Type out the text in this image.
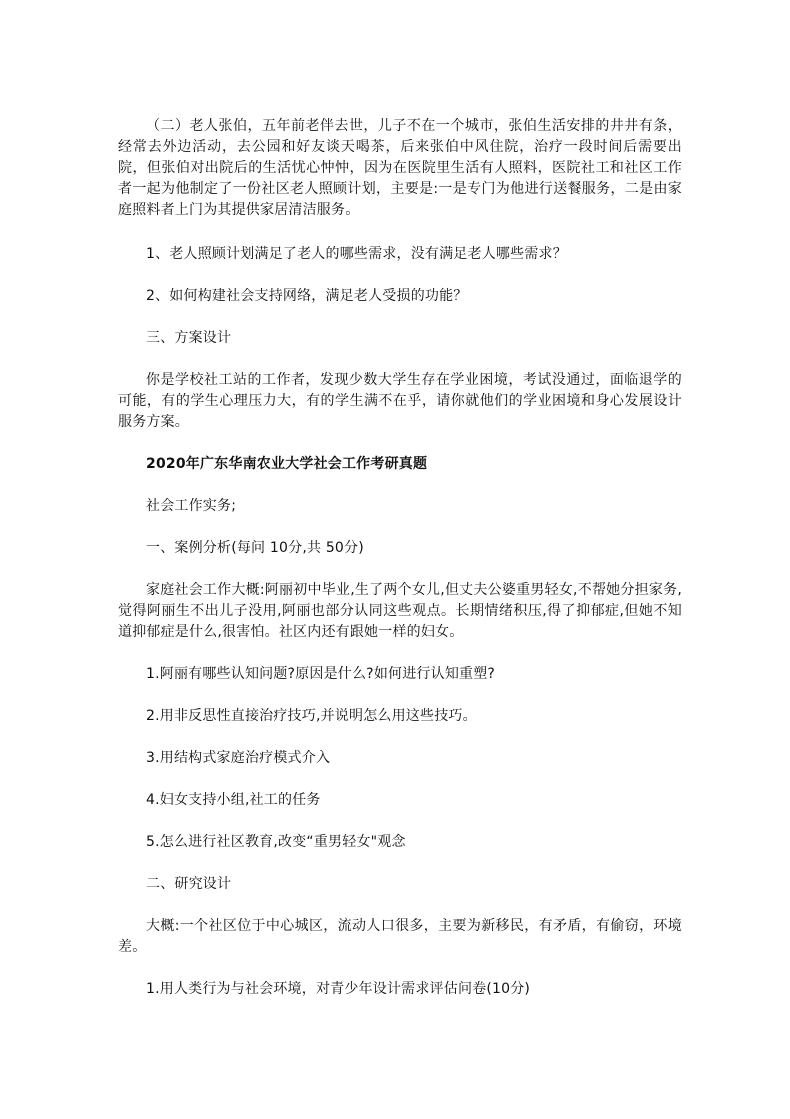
（二）老人张伯，五年前老伴去世，儿子不在一个城市，张伯生活安排的井井有条，经常去外边活动，去公园和好友谈天喝茶，后来张伯中风住院，治疗一段时间后需要出院，但张伯对出院后的生活忧心忡忡，因为在医院里生活有人照料，医院社工和社区工作者一起为他制定了一份社区老人照顾计划，主要是:一是专门为他进行送餐服务，二是由家庭照料者上门为其提供家居清洁服务。

1、老人照顾计划满足了老人的哪些需求，没有满足老人哪些需求？

2、如何构建社会支持网络，满足老人受损的功能？

三、方案设计

你是学校社工站的工作者，发现少数大学生存在学业困境，考试没通过，面临退学的可能，有的学生心理压力大，有的学生满不在乎，请你就他们的学业困境和身心发展设计服务方案。

2020年广东华南农业大学社会工作考研真题

社会工作实务;

一、案例分析(每问 10分,共 50分)

家庭社会工作大概:阿丽初中毕业,生了两个女儿,但丈夫公婆重男轻女,不帮她分担家务,觉得阿丽生不出儿子没用,阿丽也部分认同这些观点。长期情绪积压,得了抑郁症,但她不知道抑郁症是什么,很害怕。社区内还有跟她一样的妇女。

1.阿丽有哪些认知问题?原因是什么?如何进行认知重塑?

2.用非反思性直接治疗技巧,并说明怎么用这些技巧。

3.用结构式家庭治疗模式介入

4.妇女支持小组,社工的任务

5.怎么进行社区教育,改变“重男轻女"观念

二、研究设计

大概:一个社区位于中心城区，流动人口很多，主要为新移民，有矛盾，有偷窃，环境差。

1.用人类行为与社会环境，对青少年设计需求评估问卷(10分)
